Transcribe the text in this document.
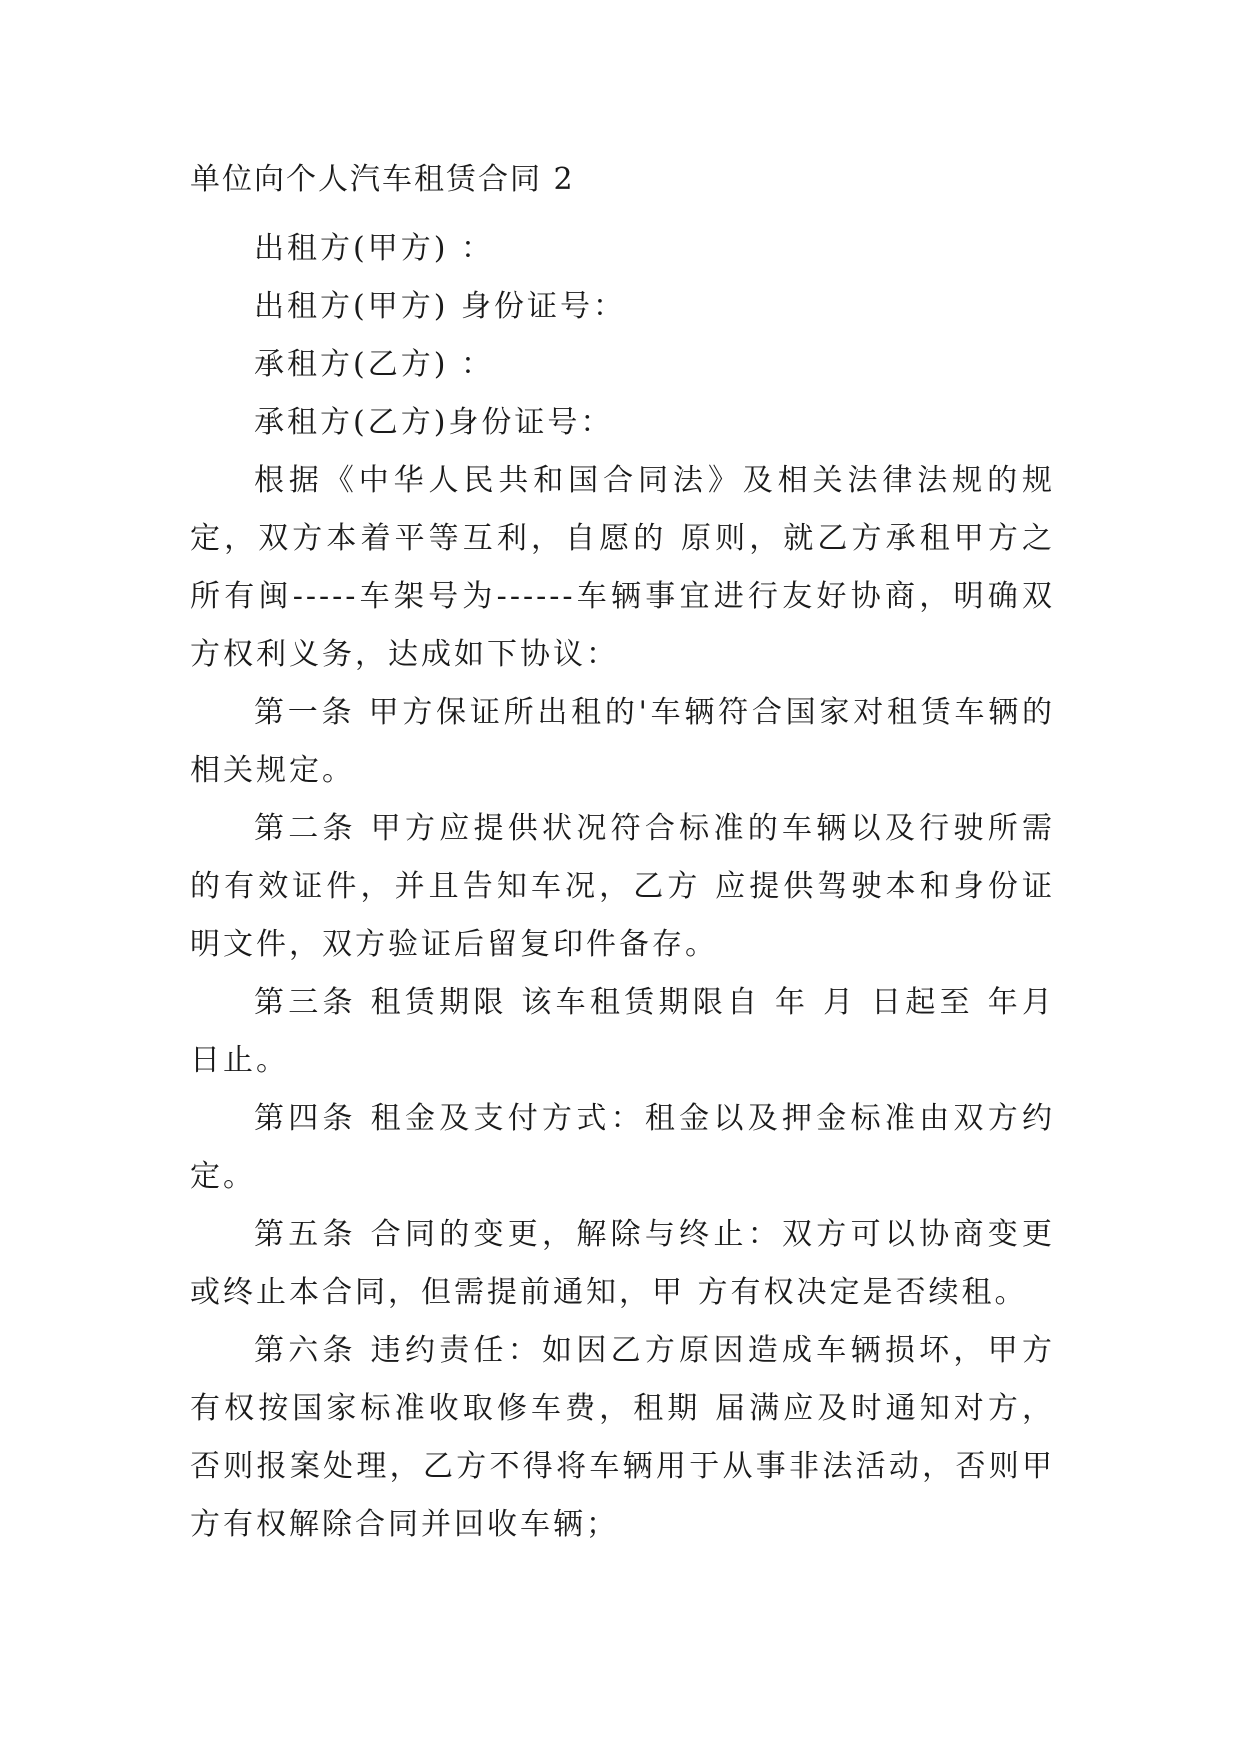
单位向个人汽车租赁合同 2

出租方(甲方) ：

出租方(甲方) 身份证号：

承租方(乙方) ：

承租方(乙方)身份证号：

根据《中华人民共和国合同法》及相关法律法规的规定，双方本着平等互利，自愿的 原则，就乙方承租甲方之所有闽-----车架号为------车辆事宜进行友好协商，明确双方权利义务，达成如下协议：

第一条 甲方保证所出租的'车辆符合国家对租赁车辆的相关规定。

第二条 甲方应提供状况符合标准的车辆以及行驶所需的有效证件，并且告知车况，乙方 应提供驾驶本和身份证明文件，双方验证后留复印件备存。

第三条 租赁期限 该车租赁期限自 年 月 日起至 年月 日止。

第四条 租金及支付方式：租金以及押金标准由双方约定。

第五条 合同的变更，解除与终止：双方可以协商变更或终止本合同，但需提前通知，甲 方有权决定是否续租。

第六条 违约责任：如因乙方原因造成车辆损坏，甲方有权按国家标准收取修车费，租期 届满应及时通知对方，否则报案处理，乙方不得将车辆用于从事非法活动，否则甲方有权解除合同并回收车辆；
